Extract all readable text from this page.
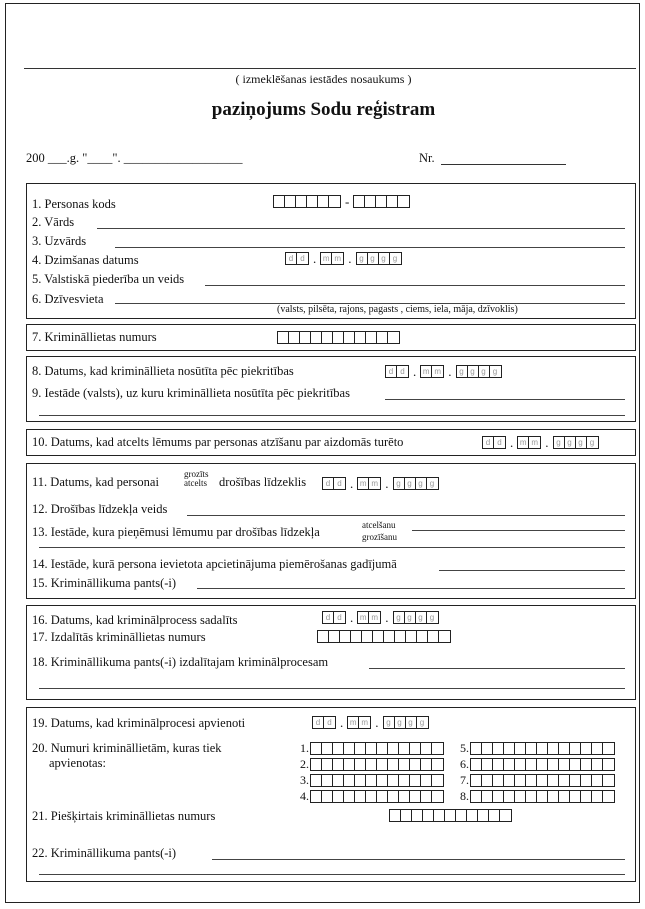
( izmeklēšanas iestādes nosaukums )
paziņojums Sodu reģistram
200 ___.g. "____". ___________________	Nr.
1. Personas kods	-
2. Vārds
3. Uzvārds
4. Dzimšanas datums	d d . m m . g g g g
5. Valstiskā piederība un veids
6. Dzīvesvieta
(valsts, pilsēta, rajons, pagasts , ciems, iela, māja, dzīvoklis)
7. Krimināllietas numurs
8. Datums, kad krimināllieta nosūtīta pēc piekritības	d d . m m . g g g g
9. Iestāde (valsts), uz kuru krimināllieta nosūtīta pēc piekritības
10. Datums, kad atcelts lēmums par personas atzīšanu par aizdomās turēto	d d . m m . g g g g
11. Datums, kad personai
grozīts
atcelts drošības līdzeklis	d d . m m . g g g g
12. Drošības līdzekļa veids
13. Iestāde, kura pieņēmusi lēmumu par drošības līdzekļa	atcelšanu
grozīšanu
14. Iestāde, kurā persona ievietota apcietinājuma piemērošanas gadījumā
15. Krimināllikuma pants(-i)
16. Datums, kad kriminālprocess sadalīts	d d . m m . g g g g
17. Izdalītās krimināllietas numurs
18. Krimināllikuma pants(-i) izdalītajam kriminālprocesam
19. Datums, kad kriminālprocesi apvienoti	d d . m m . g g g g
20. Numuri krimināllietām, kuras tiek
apvienotas:
1.
2.
3.
4.
5.
6.
7.
8.
21. Piešķirtais krimināllietas numurs
22. Krimināllikuma pants(-i)
